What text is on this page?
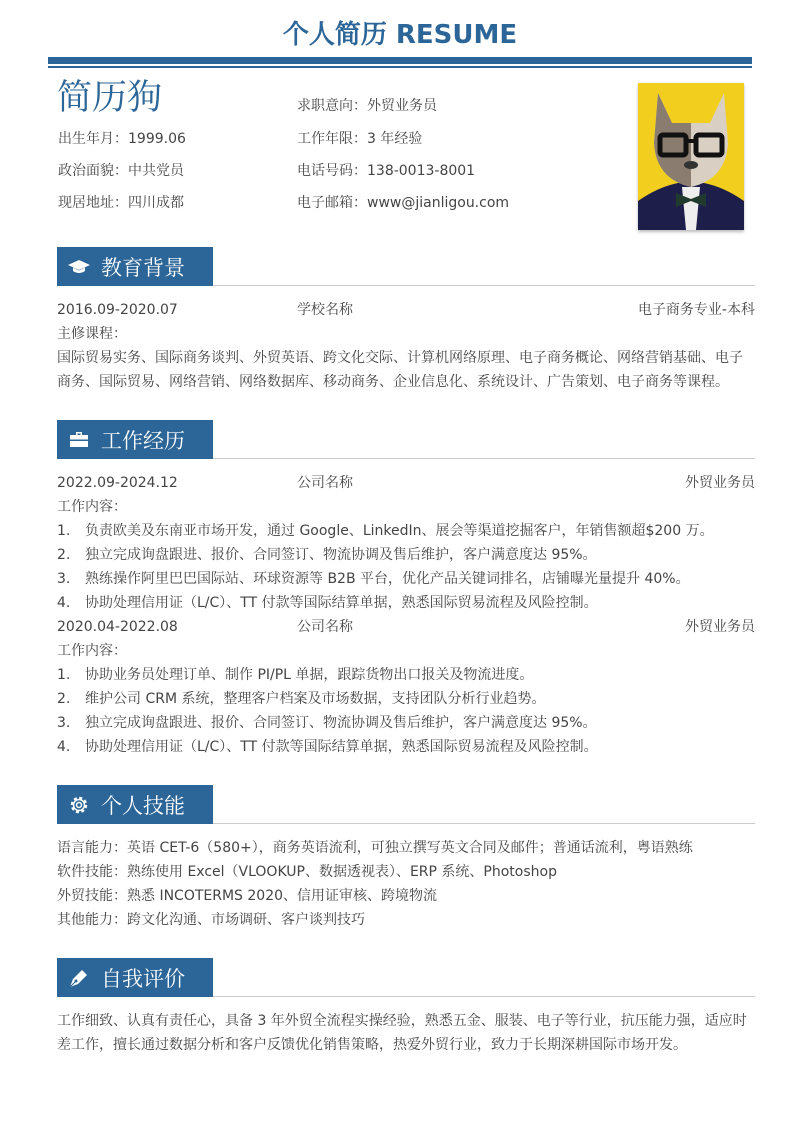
个人简历 RESUME
简历狗	求职意向：外贸业务员
出生年月：1999.06	工作年限：3 年经验
政治面貌：中共党员	电话号码：138-0013-8001
现居地址：四川成都	电子邮箱：www@jianligou.com
教育背景
2016.09-2020.07	学校名称	电子商务专业-本科
主修课程：
国际贸易实务、国际商务谈判、外贸英语、跨文化交际、计算机网络原理、电子商务概论、网络营销基础、电子商务、国际贸易、网络营销、网络数据库、移动商务、企业信息化、系统设计、广告策划、电子商务等课程。
工作经历
2022.09-2024.12	公司名称	外贸业务员
工作内容：
1.	负责欧美及东南亚市场开发，通过 Google、LinkedIn、展会等渠道挖掘客户，年销售额超$200 万。
2.	独立完成询盘跟进、报价、合同签订、物流协调及售后维护，客户满意度达 95%。
3.	熟练操作阿里巴巴国际站、环球资源等 B2B 平台，优化产品关键词排名，店铺曝光量提升 40%。
4.	协助处理信用证（L/C）、TT 付款等国际结算单据，熟悉国际贸易流程及风险控制。
2020.04-2022.08	公司名称	外贸业务员
工作内容：
1.	协助业务员处理订单、制作 PI/PL 单据，跟踪货物出口报关及物流进度。
2.	维护公司 CRM 系统，整理客户档案及市场数据，支持团队分析行业趋势。
3.	独立完成询盘跟进、报价、合同签订、物流协调及售后维护，客户满意度达 95%。
4.	协助处理信用证（L/C）、TT 付款等国际结算单据，熟悉国际贸易流程及风险控制。
个人技能
语言能力：英语 CET-6（580+），商务英语流利，可独立撰写英文合同及邮件；普通话流利，粤语熟练
软件技能：熟练使用 Excel（VLOOKUP、数据透视表）、ERP 系统、Photoshop
外贸技能：熟悉 INCOTERMS 2020、信用证审核、跨境物流
其他能力：跨文化沟通、市场调研、客户谈判技巧
自我评价
工作细致、认真有责任心，具备 3 年外贸全流程实操经验，熟悉五金、服装、电子等行业，抗压能力强，适应时差工作，擅长通过数据分析和客户反馈优化销售策略，热爱外贸行业，致力于长期深耕国际市场开发。
